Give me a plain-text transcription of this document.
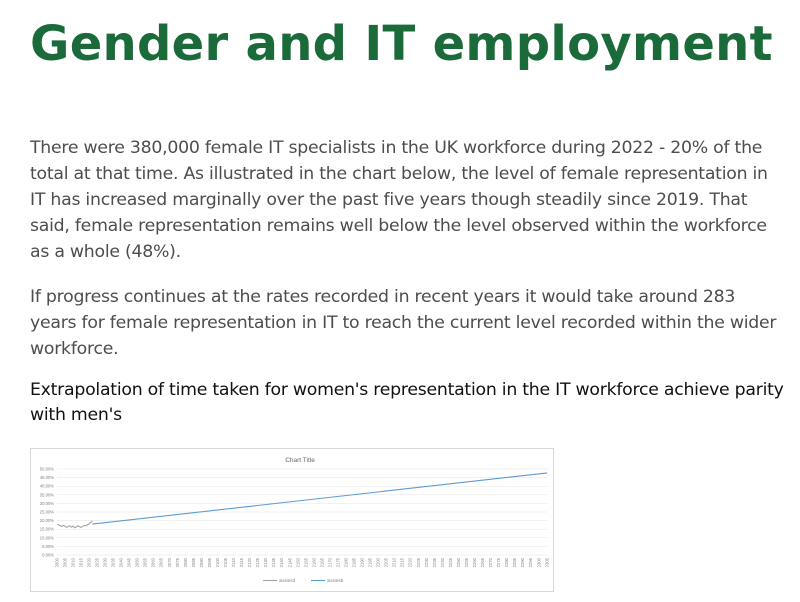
Gender and IT employment

There were 380,000 female IT specialists in the UK workforce during 2022 - 20% of the total at that time. As illustrated in the chart below, the level of female representation in IT has increased marginally over the past five years though steadily since 2019. That said, female representation remains well below the level observed within the workforce as a whole (48%).

If progress continues at the rates recorded in recent years it would take around 283 years for female representation in IT to reach the current level recorded within the wider workforce.

Extrapolation of time taken for women's representation in the IT workforce achieve parity with men's

Chart Title
0.00%
5.00%
10.00%
15.00%
20.00%
25.00%
30.00%
35.00%
40.00%
45.00%
50.00%
2000 2005 2010 2015 2020 2025 2030 2035 2040 2045 2050 2055 2060 2065 2070 2075 2080 2085 2090 2095 2100 2105 2110 2115 2120 2125 2130 2135 2140 2145 2150 2155 2160 2165 2170 2175 2180 2185 2190 2195 2200 2205 2210 2215 2220 2225 2230 2235 2240 2245 2250 2255 2260 2265 2270 2275 2280 2285 2290 2295 2300 2305
Series3	Series5
